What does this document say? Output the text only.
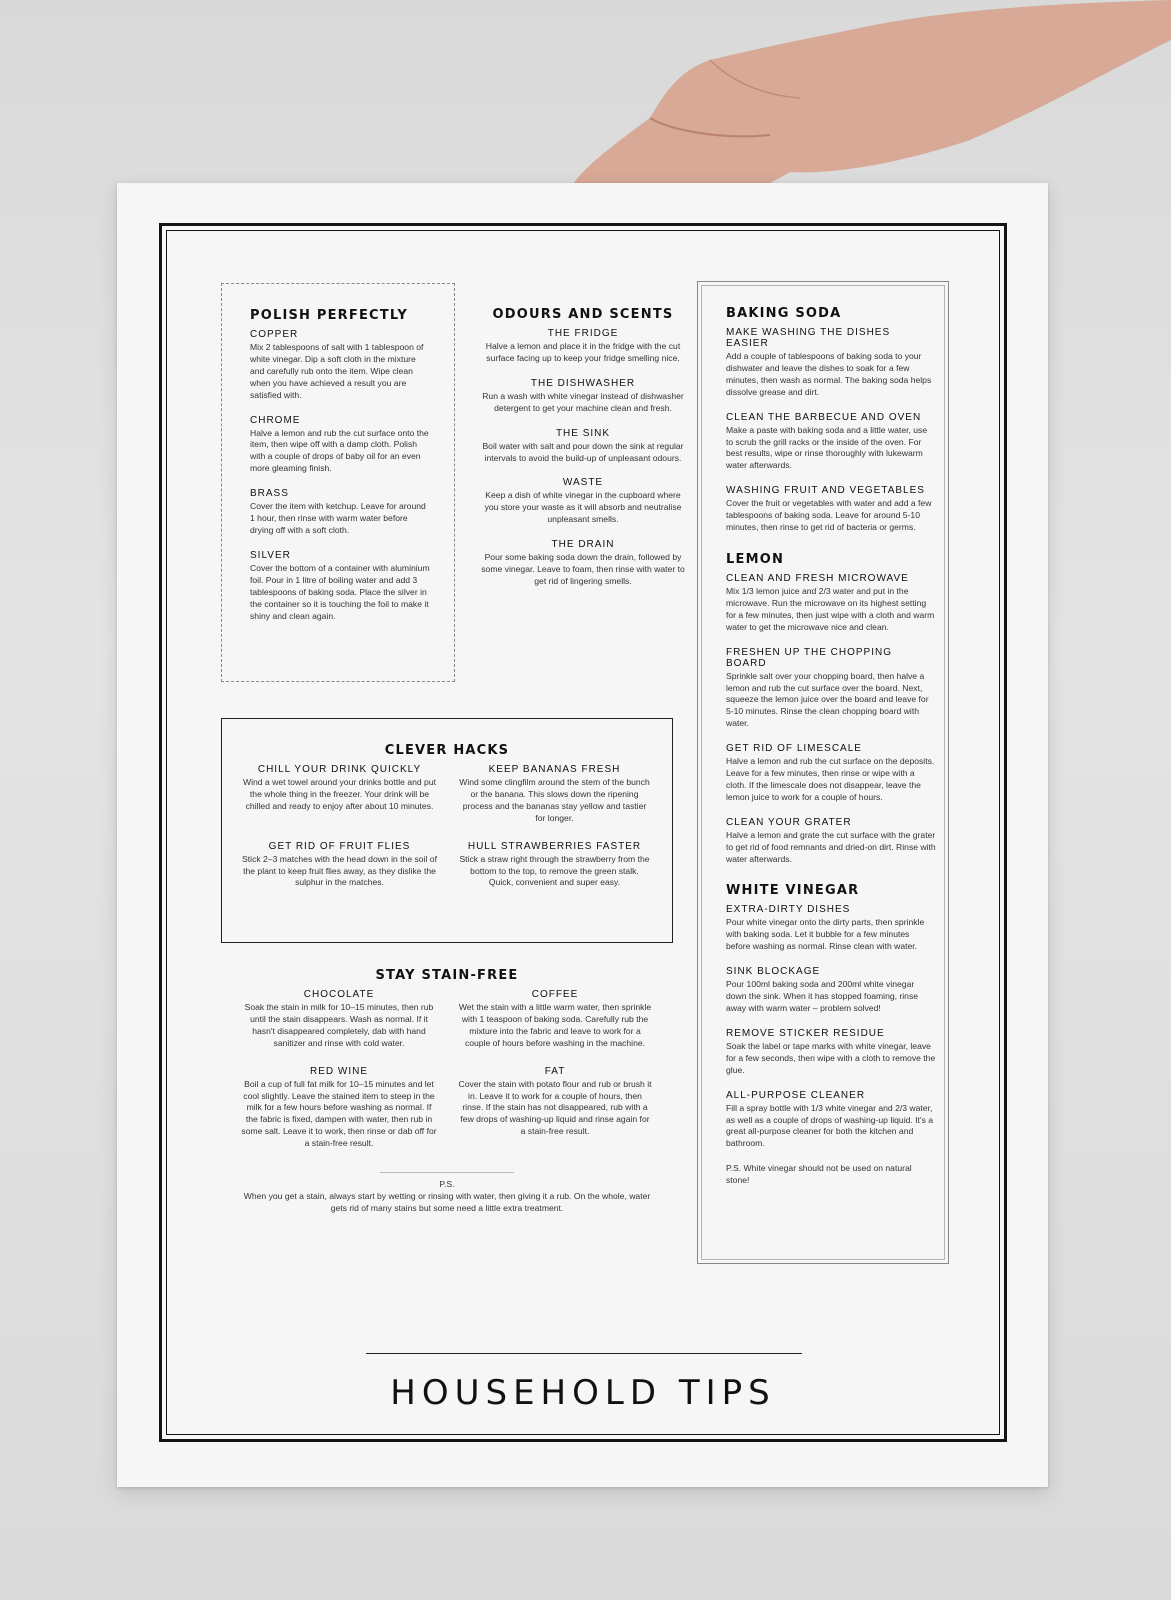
POLISH PERFECTLY
COPPER

Mix 2 tablespoons of salt with 1 tablespoon of white vinegar. Dip a soft cloth in the mixture and carefully rub onto the item. Wipe clean when you have achieved a result you are satisfied with.

CHROME

Halve a lemon and rub the cut surface onto the item, then wipe off with a damp cloth. Polish with a couple of drops of baby oil for an even more gleaming finish.

BRASS

Cover the item with ketchup. Leave for around 1 hour, then rinse with warm water before drying off with a soft cloth.

SILVER

Cover the bottom of a container with aluminium foil. Pour in 1 litre of boiling water and add 3 tablespoons of baking soda. Place the silver in the container so it is touching the foil to make it shiny and clean again.

ODOURS AND SCENTS
THE FRIDGE

Halve a lemon and place it in the fridge with the cut surface facing up to keep your fridge smelling nice.

THE DISHWASHER

Run a wash with white vinegar instead of dishwasher detergent to get your machine clean and fresh.

THE SINK

Boil water with salt and pour down the sink at regular intervals to avoid the build-up of unpleasant odours.

WASTE

Keep a dish of white vinegar in the cupboard where you store your waste as it will absorb and neutralise unpleasant smells.

THE DRAIN

Pour some baking soda down the drain, followed by some vinegar. Leave to foam, then rinse with water to get rid of lingering smells.

BAKING SODA
MAKE WASHING THE DISHES EASIER

Add a couple of tablespoons of baking soda to your dishwater and leave the dishes to soak for a few minutes, then wash as normal. The baking soda helps dissolve grease and dirt.

CLEAN THE BARBECUE AND OVEN

Make a paste with baking soda and a little water, use to scrub the grill racks or the inside of the oven. For best results, wipe or rinse thoroughly with lukewarm water afterwards.

WASHING FRUIT AND VEGETABLES

Cover the fruit or vegetables with water and add a few tablespoons of baking soda. Leave for around 5-10 minutes, then rinse to get rid of bacteria or germs.

LEMON
CLEAN AND FRESH MICROWAVE

Mix 1/3 lemon juice and 2/3 water and put in the microwave. Run the microwave on its highest setting for a few minutes, then just wipe with a cloth and warm water to get the microwave nice and clean.

FRESHEN UP THE CHOPPING BOARD

Sprinkle salt over your chopping board, then halve a lemon and rub the cut surface over the board. Next, squeeze the lemon juice over the board and leave for 5-10 minutes. Rinse the clean chopping board with water.

GET RID OF LIMESCALE

Halve a lemon and rub the cut surface on the deposits. Leave for a few minutes, then rinse or wipe with a cloth. If the limescale does not disappear, leave the lemon juice to work for a couple of hours.

CLEAN YOUR GRATER

Halve a lemon and grate the cut surface with the grater to get rid of food remnants and dried-on dirt. Rinse with water afterwards.

WHITE VINEGAR
EXTRA-DIRTY DISHES

Pour white vinegar onto the dirty parts, then sprinkle with baking soda. Let it bubble for a few minutes before washing as normal. Rinse clean with water.

SINK BLOCKAGE

Pour 100ml baking soda and 200ml white vinegar down the sink. When it has stopped foaming, rinse away with warm water – problem solved!

REMOVE STICKER RESIDUE

Soak the label or tape marks with white vinegar, leave for a few seconds, then wipe with a cloth to remove the glue.

ALL-PURPOSE CLEANER

Fill a spray bottle with 1/3 white vinegar and 2/3 water, as well as a couple of drops of washing-up liquid. It's a great all-purpose cleaner for both the kitchen and bathroom.

P.S. White vinegar should not be used on natural stone!

CLEVER HACKS
CHILL YOUR DRINK QUICKLY

Wind a wet towel around your drinks bottle and put the whole thing in the freezer. Your drink will be chilled and ready to enjoy after about 10 minutes.

KEEP BANANAS FRESH

Wind some clingfilm around the stem of the bunch or the banana. This slows down the ripening process and the bananas stay yellow and tastier for longer.

GET RID OF FRUIT FLIES

Stick 2–3 matches with the head down in the soil of the plant to keep fruit flies away, as they dislike the sulphur in the matches.

HULL STRAWBERRIES FASTER

Stick a straw right through the strawberry from the bottom to the top, to remove the green stalk. Quick, convenient and super easy.

STAY STAIN-FREE
CHOCOLATE

Soak the stain in milk for 10–15 minutes, then rub until the stain disappears. Wash as normal. If it hasn't disappeared completely, dab with hand sanitizer and rinse with cold water.

COFFEE

Wet the stain with a little warm water, then sprinkle with 1 teaspoon of baking soda. Carefully rub the mixture into the fabric and leave to work for a couple of hours before washing in the machine.

RED WINE

Boil a cup of full fat milk for 10–15 minutes and let cool slightly. Leave the stained item to steep in the milk for a few hours before washing as normal. If the fabric is fixed, dampen with water, then rub in some salt. Leave it to work, then rinse or dab off for a stain-free result.

FAT

Cover the stain with potato flour and rub or brush it in. Leave it to work for a couple of hours, then rinse. If the stain has not disappeared, rub with a few drops of washing-up liquid and rinse again for a stain-free result.

P.S.

When you get a stain, always start by wetting or rinsing with water, then giving it a rub. On the whole, water gets rid of many stains but some need a little extra treatment.

HOUSEHOLD TIPS
